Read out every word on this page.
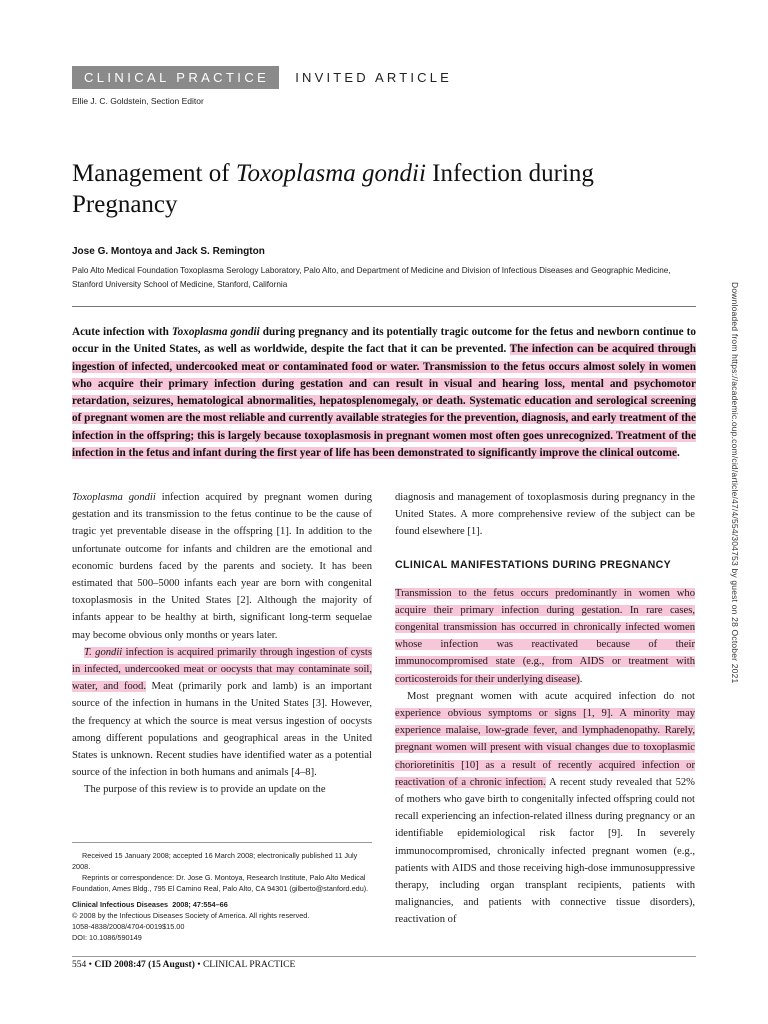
CLINICAL PRACTICE	INVITED ARTICLE
Ellie J. C. Goldstein, Section Editor
Management of Toxoplasma gondii Infection during Pregnancy
Jose G. Montoya and Jack S. Remington
Palo Alto Medical Foundation Toxoplasma Serology Laboratory, Palo Alto, and Department of Medicine and Division of Infectious Diseases and Geographic Medicine, Stanford University School of Medicine, Stanford, California

Acute infection with Toxoplasma gondii during pregnancy and its potentially tragic outcome for the fetus and newborn continue to occur in the United States, as well as worldwide, despite the fact that it can be prevented. The infection can be acquired through ingestion of infected, undercooked meat or contaminated food or water. Transmission to the fetus occurs almost solely in women who acquire their primary infection during gestation and can result in visual and hearing loss, mental and psychomotor retardation, seizures, hematological abnormalities, hepatosplenomegaly, or death. Systematic education and serological screening of pregnant women are the most reliable and currently available strategies for the prevention, diagnosis, and early treatment of the infection in the offspring; this is largely because toxoplasmosis in pregnant women most often goes unrecognized. Treatment of the infection in the fetus and infant during the first year of life has been demonstrated to significantly improve the clinical outcome.

Toxoplasma gondii infection acquired by pregnant women during gestation and its transmission to the fetus continue to be the cause of tragic yet preventable disease in the offspring [1]. In addition to the unfortunate outcome for infants and children are the emotional and economic burdens faced by the parents and society. It has been estimated that 500–5000 infants each year are born with congenital toxoplasmosis in the United States [2]. Although the majority of infants appear to be healthy at birth, significant long-term sequelae may become obvious only months or years later.

T. gondii infection is acquired primarily through ingestion of cysts in infected, undercooked meat or oocysts that may contaminate soil, water, and food. Meat (primarily pork and lamb) is an important source of the infection in humans in the United States [3]. However, the frequency at which the source is meat versus ingestion of oocysts among different populations and geographical areas in the United States is unknown. Recent studies have identified water as a potential source of the infection in both humans and animals [4–8].

The purpose of this review is to provide an update on the

diagnosis and management of toxoplasmosis during pregnancy in the United States. A more comprehensive review of the subject can be found elsewhere [1].

CLINICAL MANIFESTATIONS DURING PREGNANCY

Transmission to the fetus occurs predominantly in women who acquire their primary infection during gestation. In rare cases, congenital transmission has occurred in chronically infected women whose infection was reactivated because of their immunocompromised state (e.g., from AIDS or treatment with corticosteroids for their underlying disease).

Most pregnant women with acute acquired infection do not experience obvious symptoms or signs [1, 9]. A minority may experience malaise, low-grade fever, and lymphadenopathy. Rarely, pregnant women will present with visual changes due to toxoplasmic chorioretinitis [10] as a result of recently acquired infection or reactivation of a chronic infection. A recent study revealed that 52% of mothers who gave birth to congenitally infected offspring could not recall experiencing an infection-related illness during pregnancy or an identifiable epidemiological risk factor [9]. In severely immunocompromised, chronically infected pregnant women (e.g., patients with AIDS and those receiving high-dose immunosuppressive therapy, including organ transplant recipients, patients with malignancies, and patients with connective tissue disorders), reactivation of

Received 15 January 2008; accepted 16 March 2008; electronically published 11 July 2008.

Reprints or correspondence: Dr. Jose G. Montoya, Research Institute, Palo Alto Medical Foundation, Ames Bldg., 795 El Camino Real, Palo Alto, CA 94301 (gilberto@stanford.edu).

Clinical Infectious Diseases 2008; 47:554–66

© 2008 by the Infectious Diseases Society of America. All rights reserved.

1058-4838/2008/4704-0019$15.00

DOI: 10.1086/590149

554 • CID 2008:47 (15 August) • CLINICAL PRACTICE
Downloaded from https://academic.oup.com/cid/article/47/4/554/304753 by guest on 28 October 2021
